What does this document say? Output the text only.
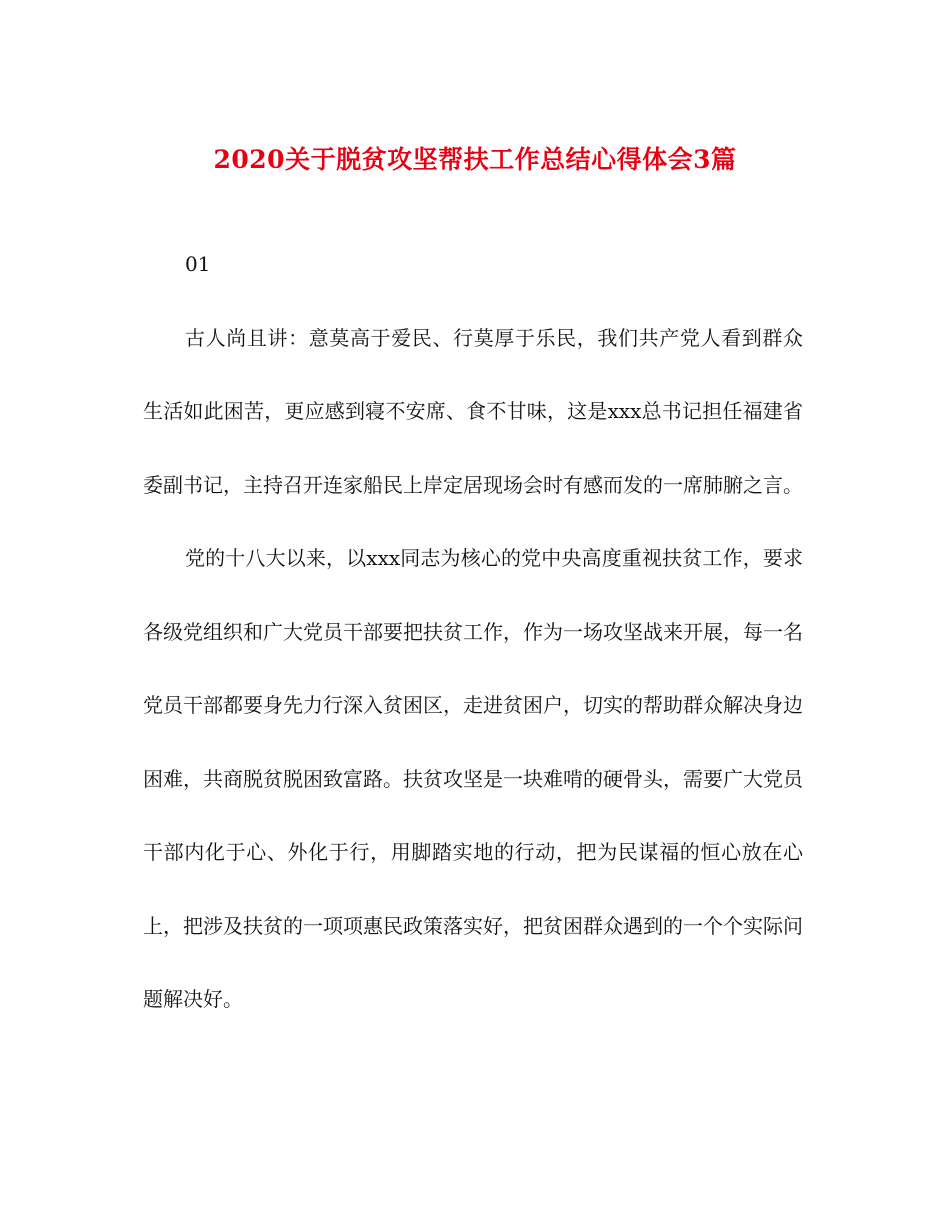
2020关于脱贫攻坚帮扶工作总结心得体会3篇

01

古人尚且讲：意莫高于爱民、行莫厚于乐民，我们共产党人看到群众生活如此困苦，更应感到寝不安席、食不甘味，这是xxx总书记担任福建省委副书记，主持召开连家船民上岸定居现场会时有感而发的一席肺腑之言。

党的十八大以来，以xxx同志为核心的党中央高度重视扶贫工作，要求各级党组织和广大党员干部要把扶贫工作，作为一场攻坚战来开展，每一名党员干部都要身先力行深入贫困区，走进贫困户，切实的帮助群众解决身边困难，共商脱贫脱困致富路。扶贫攻坚是一块难啃的硬骨头，需要广大党员干部内化于心、外化于行，用脚踏实地的行动，把为民谋福的恒心放在心上，把涉及扶贫的一项项惠民政策落实好，把贫困群众遇到的一个个实际问题解决好。
